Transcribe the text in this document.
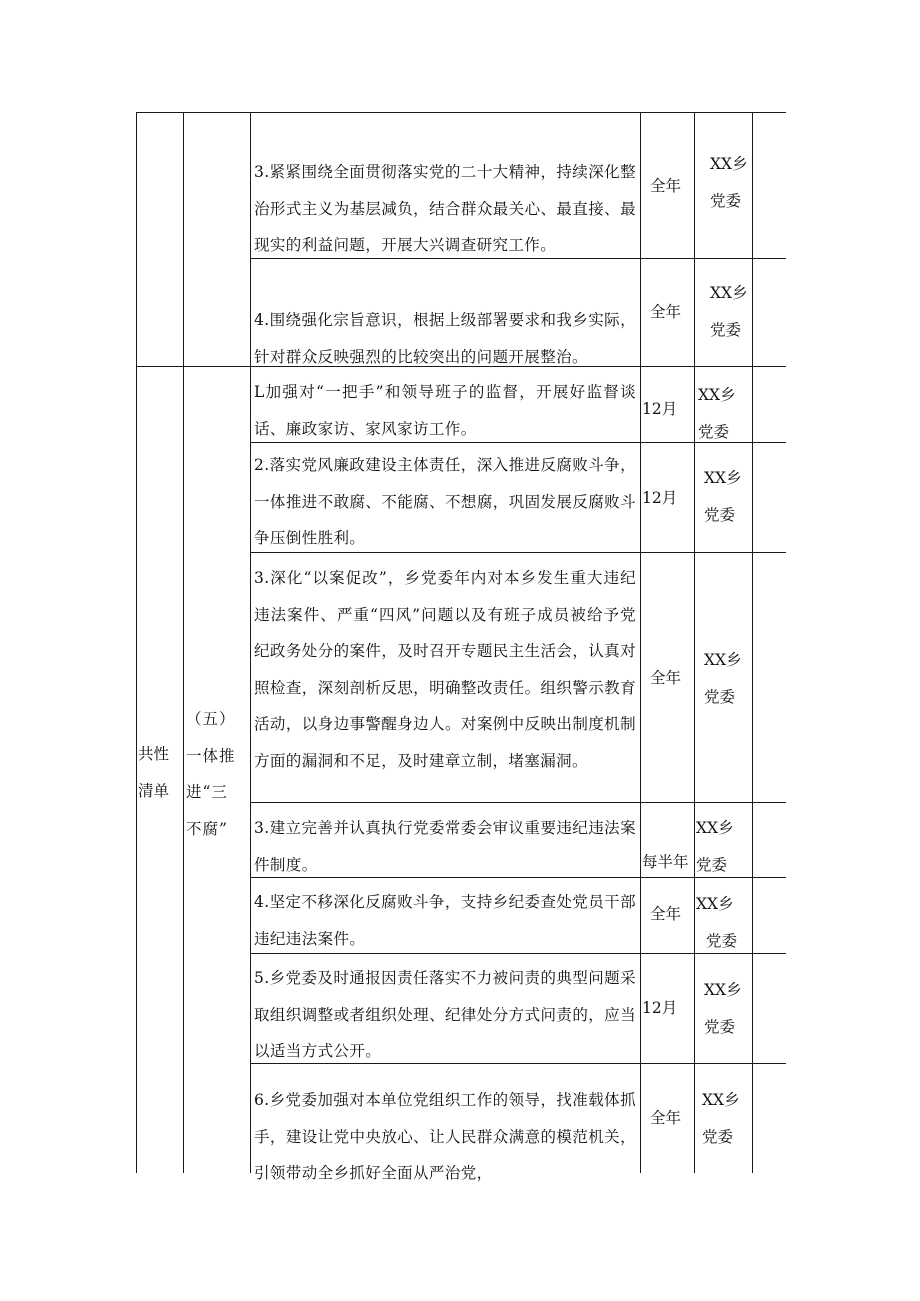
共性
清单
（五）
一体推
进“三
不腐”
3.紧紧围绕全面贯彻落实党的二十大精神，持续深化整治形式主义为基层减负，结合群众最关心、最直接、最现实的利益问题，开展大兴调查研究工作。
全年
XX乡
党委
4.围绕强化宗旨意识，根据上级部署要求和我乡实际，针对群众反映强烈的比较突出的问题开展整治。
全年
XX乡
党委
L加强对“一把手”和领导班子的监督，开展好监督谈话、廉政家访、家风家访工作。
12月
XX乡
党委
2.落实党风廉政建设主体责任，深入推进反腐败斗争，一体推进不敢腐、不能腐、不想腐，巩固发展反腐败斗争压倒性胜利。
12月
XX乡
党委
3.深化“以案促改”，乡党委年内对本乡发生重大违纪违法案件、严重“四风”问题以及有班子成员被给予党纪政务处分的案件，及时召开专题民主生活会，认真对照检查，深刻剖析反思，明确整改责任。组织警示教育活动，以身边事警醒身边人。对案例中反映出制度机制方面的漏洞和不足，及时建章立制，堵塞漏洞。
全年
XX乡
党委
3.建立完善并认真执行党委常委会审议重要违纪违法案件制度。	每半年
XX乡
党委
4.坚定不移深化反腐败斗争，支持乡纪委查处党员干部违纪违法案件。
全年
XX乡
党委
5.乡党委及时通报因责任落实不力被问责的典型问题采取组织调整或者组织处理、纪律处分方式问责的，应当以适当方式公开。
12月
XX乡
党委
6.乡党委加强对本单位党组织工作的领导，找准载体抓手，建设让党中央放心、让人民群众满意的模范机关，引领带动全乡抓好全面从严治党，
全年
XX乡
党委
